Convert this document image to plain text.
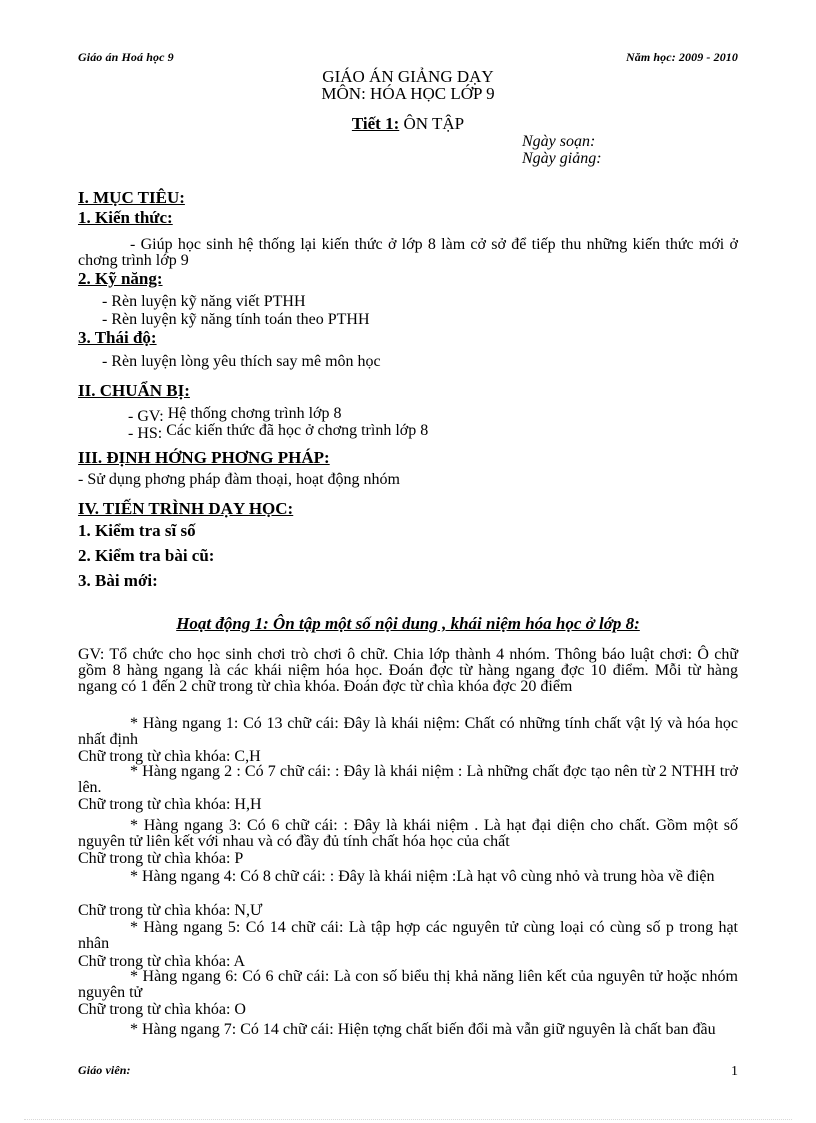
Giáo án Hoá học 9	Năm học: 2009 - 2010
GIÁO ÁN GIẢNG DẠY
MÔN: HÓA HỌC LỚP 9
Tiết 1: ÔN TẬP
Ngày soạn:
Ngày giảng:
I. MỤC TIÊU:
1. Kiến thức:
- Giúp học sinh hệ thống lại kiến thức ở lớp 8 làm cở sở để tiếp thu những kiến thức mới ở chơng trình lớp 9
2. Kỹ năng:
- Rèn luyện kỹ năng viết PTHH
- Rèn luyện kỹ năng tính toán theo PTHH
3. Thái độ:
- Rèn luyện lòng yêu thích say mê môn học
II. CHUẨN BỊ:
- GV: Hệ thống chơng trình lớp 8
- HS: Các kiến thức đã học ở chơng trình lớp 8
III. ĐỊNH HỚNG PHƠNG PHÁP:
- Sử dụng phơng pháp đàm thoại, hoạt động nhóm
IV. TIẾN TRÌNH DẠY HỌC:
1. Kiểm tra sĩ số
2. Kiểm tra bài cũ:
3. Bài mới:
Hoạt động 1: Ôn tập một số nội dung , khái niệm hóa học ở lớp 8:
GV: Tổ chức cho học sinh chơi trò chơi ô chữ. Chia lớp thành 4 nhóm. Thông báo luật chơi: Ô chữ gồm 8 hàng ngang là các khái niệm hóa học. Đoán đợc từ hàng ngang đợc 10 điểm. Mỗi từ hàng ngang có 1 đến 2 chữ trong từ chìa khóa. Đoán đợc từ chìa khóa đợc 20 điểm
* Hàng ngang 1: Có 13 chữ cái: Đây là khái niệm: Chất có những tính chất vật lý và hóa học nhất định
Chữ trong từ chìa khóa: C,H
* Hàng ngang 2 : Có 7 chữ cái: : Đây là khái niệm : Là những chất đợc tạo nên từ 2 NTHH trở lên.
Chữ trong từ chìa khóa: H,H
* Hàng ngang 3: Có 6 chữ cái: : Đây là khái niệm . Là hạt đại diện cho chất. Gồm một số nguyên tử liên kết với nhau và có đầy đủ tính chất hóa học của chất
Chữ trong từ chìa khóa: P
* Hàng ngang 4: Có 8 chữ cái: : Đây là khái niệm :Là hạt vô cùng nhỏ và trung hòa về điện
Chữ trong từ chìa khóa: N,Ư
* Hàng ngang 5: Có 14 chữ cái: Là tập hợp các nguyên tử cùng loại có cùng số p trong hạt nhân
Chữ trong từ chìa khóa: A
* Hàng ngang 6: Có 6 chữ cái: Là con số biểu thị khả năng liên kết của nguyên tử hoặc nhóm nguyên tử
Chữ trong từ chìa khóa: O
* Hàng ngang 7: Có 14 chữ cái: Hiện tợng chất biến đổi mà vẫn giữ nguyên là chất ban đầu
Giáo viên:	1
